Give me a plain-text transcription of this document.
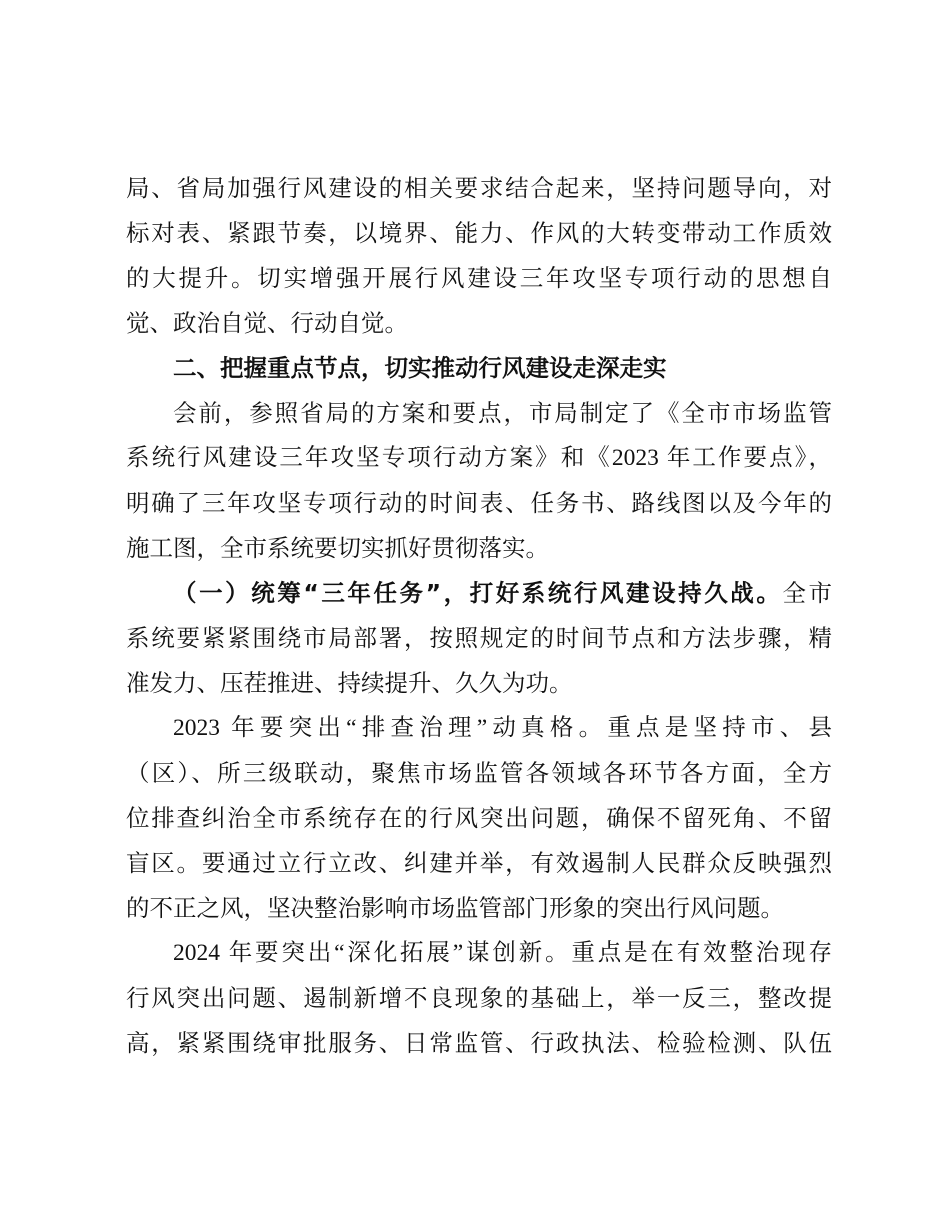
局、省局加强行风建设的相关要求结合起来，坚持问题导向，对
标对表、紧跟节奏，以境界、能力、作风的大转变带动工作质效
的大提升。切实增强开展行风建设三年攻坚专项行动的思想自
觉、政治自觉、行动自觉。
二、把握重点节点，切实推动行风建设走深走实
会前，参照省局的方案和要点，市局制定了《全市市场监管
系统行风建设三年攻坚专项行动方案》和《2023 年工作要点》，
明确了三年攻坚专项行动的时间表、任务书、路线图以及今年的
施工图，全市系统要切实抓好贯彻落实。
（一）统筹“三年任务”，打好系统行风建设持久战。全市
系统要紧紧围绕市局部署，按照规定的时间节点和方法步骤，精
准发力、压茬推进、持续提升、久久为功。
2023 年要突出“排查治理”动真格。重点是坚持市、县
（区）、所三级联动，聚焦市场监管各领域各环节各方面，全方
位排查纠治全市系统存在的行风突出问题，确保不留死角、不留
盲区。要通过立行立改、纠建并举，有效遏制人民群众反映强烈
的不正之风，坚决整治影响市场监管部门形象的突出行风问题。
2024 年要突出“深化拓展”谋创新。重点是在有效整治现存
行风突出问题、遏制新增不良现象的基础上，举一反三，整改提
高，紧紧围绕审批服务、日常监管、行政执法、检验检测、队伍
